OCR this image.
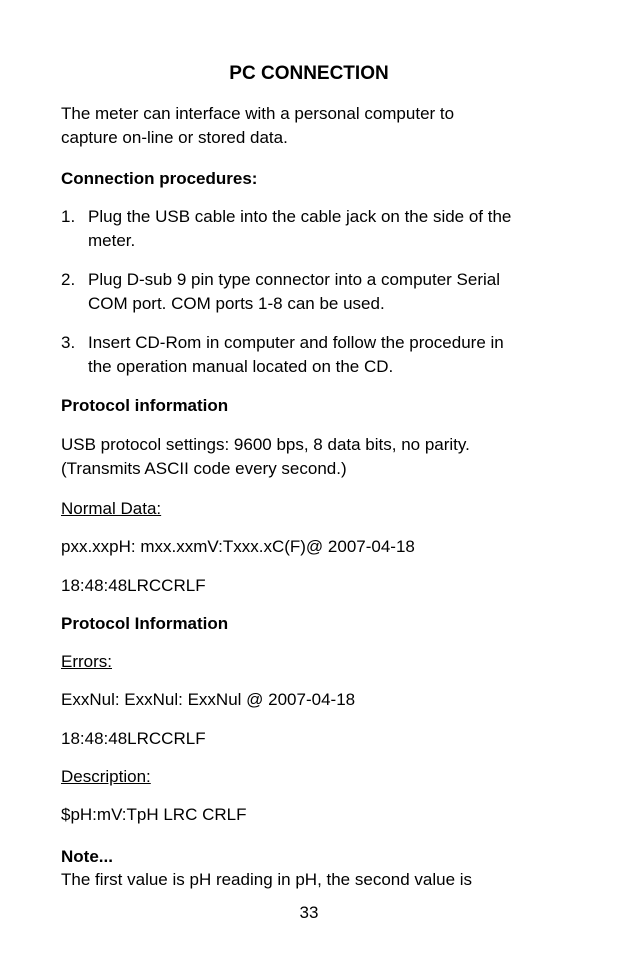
PC CONNECTION
The meter can interface with a personal computer to
capture on-line or stored data.
Connection procedures:
1. Plug the USB cable into the cable jack on the side of the
meter.
2. Plug D-sub 9 pin type connector into a computer Serial
COM port. COM ports 1-8 can be used.
3. Insert CD-Rom in computer and follow the procedure in
the operation manual located on the CD.
Protocol information
USB protocol settings: 9600 bps, 8 data bits, no parity.
(Transmits ASCII code every second.)
Normal Data:
pxx.xxpH: mxx.xxmV:Txxx.xC(F)@ 2007-04-18
18:48:48LRCCRLF
Protocol Information
Errors:
ExxNul: ExxNul: ExxNul @ 2007-04-18
18:48:48LRCCRLF
Description:
$pH:mV:TpH LRC CRLF
Note...
The first value is pH reading in pH, the second value is
33
